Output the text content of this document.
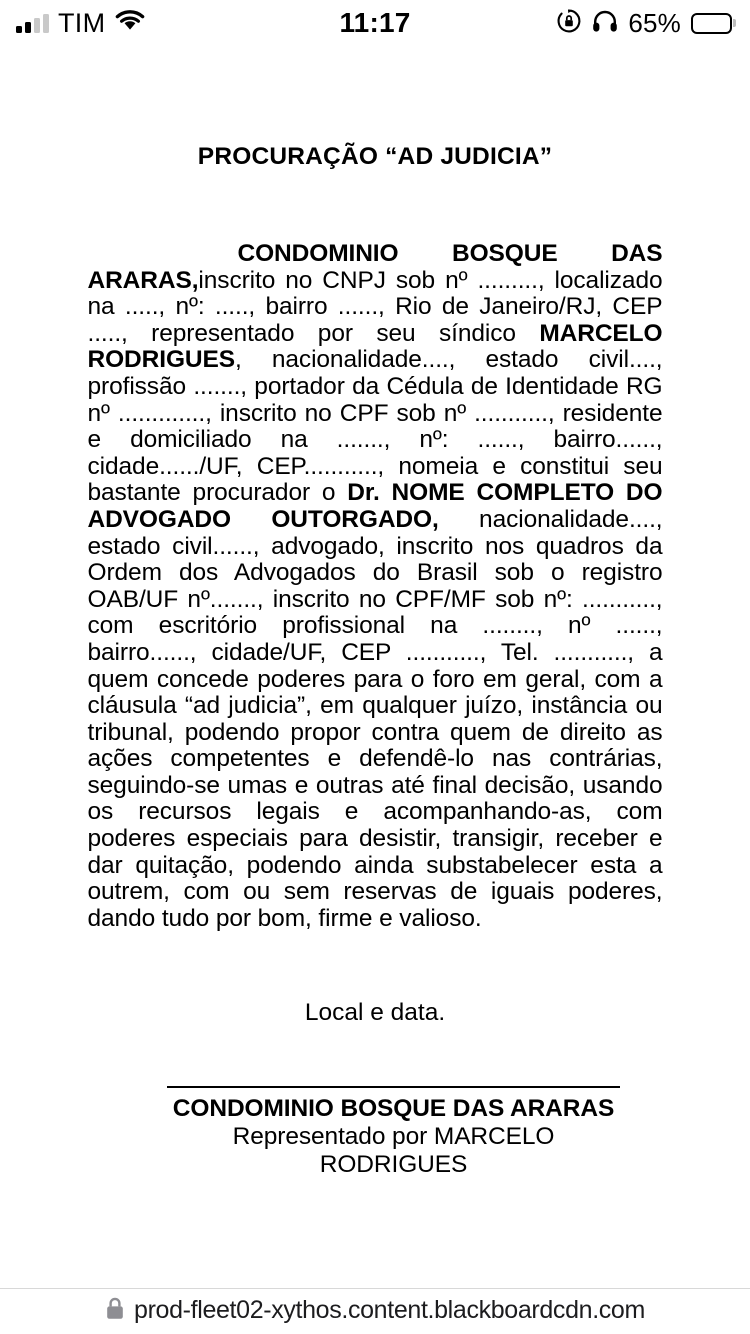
TIM	11:17	65%
PROCURAÇÃO “AD JUDICIA”

CONDOMINIO BOSQUE DAS ARARAS,inscrito no CNPJ sob nº ........., localizado na ....., nº: ....., bairro ......, Rio de Janeiro/RJ, CEP ....., representado por seu síndico MARCELO RODRIGUES, nacionalidade...., estado civil...., profissão ......., portador da Cédula de Identidade RG nº ............., inscrito no CPF sob nº ..........., residente e domiciliado na ......., nº: ......, bairro......, cidade....../UF, CEP..........., nomeia e constitui seu bastante procurador o Dr. NOME COMPLETO DO ADVOGADO OUTORGADO, nacionalidade...., estado civil......, advogado, inscrito nos quadros da Ordem dos Advogados do Brasil sob o registro OAB/UF nº......., inscrito no CPF/MF sob nº: ..........., com escritório profissional na ........, nº ......, bairro......, cidade/UF, CEP ..........., Tel. ..........., a quem concede poderes para o foro em geral, com a cláusula “ad judicia”, em qualquer juízo, instância ou tribunal, podendo propor contra quem de direito as ações competentes e defendê-lo nas contrárias, seguindo-se umas e outras até final decisão, usando os recursos legais e acompanhando-as, com poderes especiais para desistir, transigir, receber e dar quitação, podendo ainda substabelecer esta a outrem, com ou sem reservas de iguais poderes, dando tudo por bom, firme e valioso.

Local e data.
CONDOMINIO BOSQUE DAS ARARAS
Representado por MARCELO RODRIGUES
prod-fleet02-xythos.content.blackboardcdn.com
